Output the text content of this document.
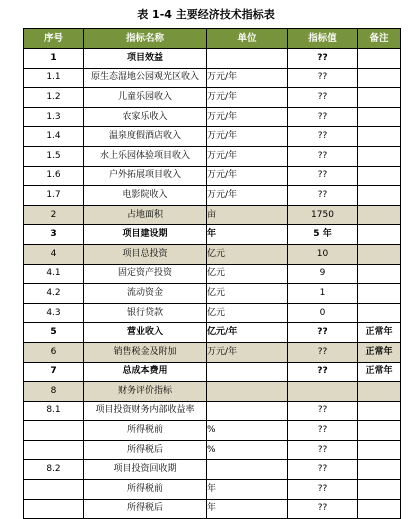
表 1-4 主要经济技术指标表
序号	指标名称	单位	指标值	备注
1	项目效益		??	
1.1	原生态湿地公园观光区收入	万元/年	??	
1.2	儿童乐园收入	万元/年	??	
1.3	农家乐收入	万元/年	??	
1.4	温泉度假酒店收入	万元/年	??	
1.5	水上乐园体验项目收入	万元/年	??	
1.6	户外拓展项目收入	万元/年	??	
1.7	电影院收入	万元/年	??	
2	占地面积	亩	1750	
3	项目建设期	年	5 年	
4	项目总投资	亿元	10	
4.1	固定资产投资	亿元	9	
4.2	流动资金	亿元	1	
4.3	银行贷款	亿元	0	
5	营业收入	亿元/年	??	正常年
6	销售税金及附加	万元/年	??	正常年
7	总成本费用		??	正常年
8	财务评价指标			
8.1	项目投资财务内部收益率		??	
	所得税前	%	??	
	所得税后	%	??	
8.2	项目投资回收期		??	
	所得税前	年	??	
	所得税后	年	??	
